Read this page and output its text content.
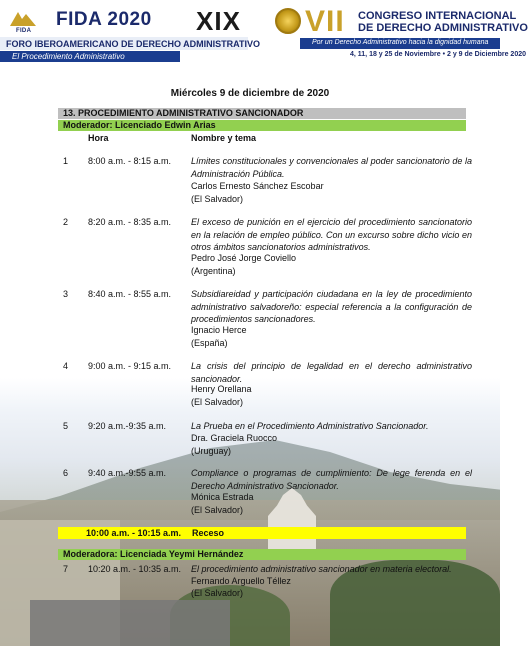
FIDA
FIDA 2020 XIX
FORO IBEROAMERICANO DE DERECHO ADMINISTRATIVO
El Procedimiento Administrativo
VII CONGRESO INTERNACIONAL
DE DERECHO ADMINISTRATIVO
Por un Derecho Administrativo hacia la dignidad humana
4, 11, 18 y 25 de Noviembre • 2 y 9 de Diciembre 2020
Miércoles 9 de diciembre de 2020
13. PROCEDIMIENTO ADMINISTRATIVO SANCIONADOR
Moderador: Licenciado Edwin Arias
Hora	Nombre y tema
1 8:00 a.m. - 8:15 a.m. Límites constitucionales y convencionales al poder sancionatorio de la Administración Pública.
Carlos Ernesto Sánchez Escobar
(El Salvador)
2 8:20 a.m. - 8:35 a.m. El exceso de punición en el ejercicio del procedimiento sancionatorio en la relación de empleo público. Con un excurso sobre dicho vicio en otros ámbitos sancionatorios administrativos.
Pedro José Jorge Coviello
(Argentina)
3 8:40 a.m. - 8:55 a.m. Subsidiareidad y participación ciudadana en la ley de procedimiento administrativo salvadoreño: especial referencia a la configuración de procedimientos sancionadores.
Ignacio Herce
(España)
4 9:00 a.m. - 9:15 a.m. La crisis del principio de legalidad en el derecho administrativo sancionador.
Henry Orellana
(El Salvador)
5 9:20 a.m.-9:35 a.m.	La Prueba en el Procedimiento Administrativo Sancionador.
Dra. Graciela Ruocco
(Uruguay)
6 9:40 a.m.-9:55 a.m.	Compliance o programas de cumplimiento: De lege ferenda en el Derecho Administrativo Sancionador.
Mónica Estrada
(El Salvador)
10:00 a.m. - 10:15 a.m. Receso
Moderadora: Licenciada Yeymi Hernández
7 10:20 a.m. - 10:35 a.m. El procedimiento administrativo sancionador en materia electoral.
Fernando Arguello Téllez
(El Salvador)
